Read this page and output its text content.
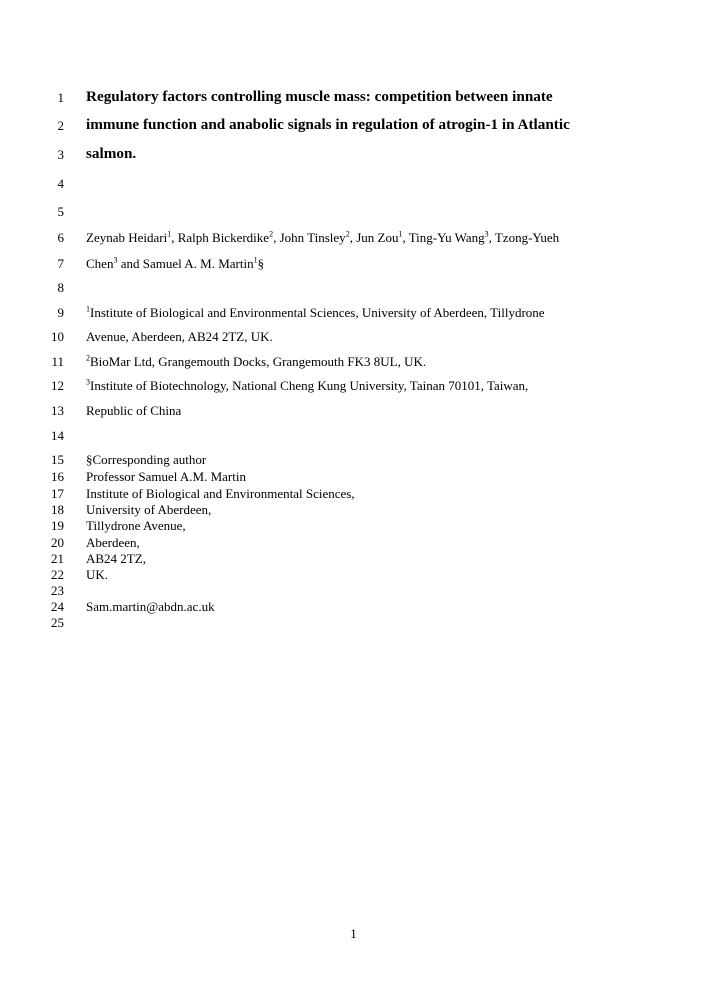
1
2
3
4
5
6
7
8
9
10
11
12
13
14
15
16
17
18
19
20
21
22
23
24
25
Regulatory factors controlling muscle mass: competition between innate
immune function and anabolic signals in regulation of atrogin-1 in Atlantic
salmon.
Zeynab Heidari$^1$, Ralph Bickerdike$^2$, John Tinsley$^2$, Jun Zou$^1$, Ting-Yu Wang$^3$, Tzong-Yueh
Chen$^3$ and Samuel A. M. Martin$^1$§
$^1$Institute of Biological and Environmental Sciences, University of Aberdeen, Tillydrone
Avenue, Aberdeen, AB24 2TZ, UK.
$^2$BioMar Ltd, Grangemouth Docks, Grangemouth FK3 8UL, UK.
$^3$Institute of Biotechnology, National Cheng Kung University, Tainan 70101, Taiwan,
Republic of China
§Corresponding author
Professor Samuel A.M. Martin
Institute of Biological and Environmental Sciences,
University of Aberdeen,
Tillydrone Avenue,
Aberdeen,
AB24 2TZ,
UK.
Sam.martin@abdn.ac.uk
1
